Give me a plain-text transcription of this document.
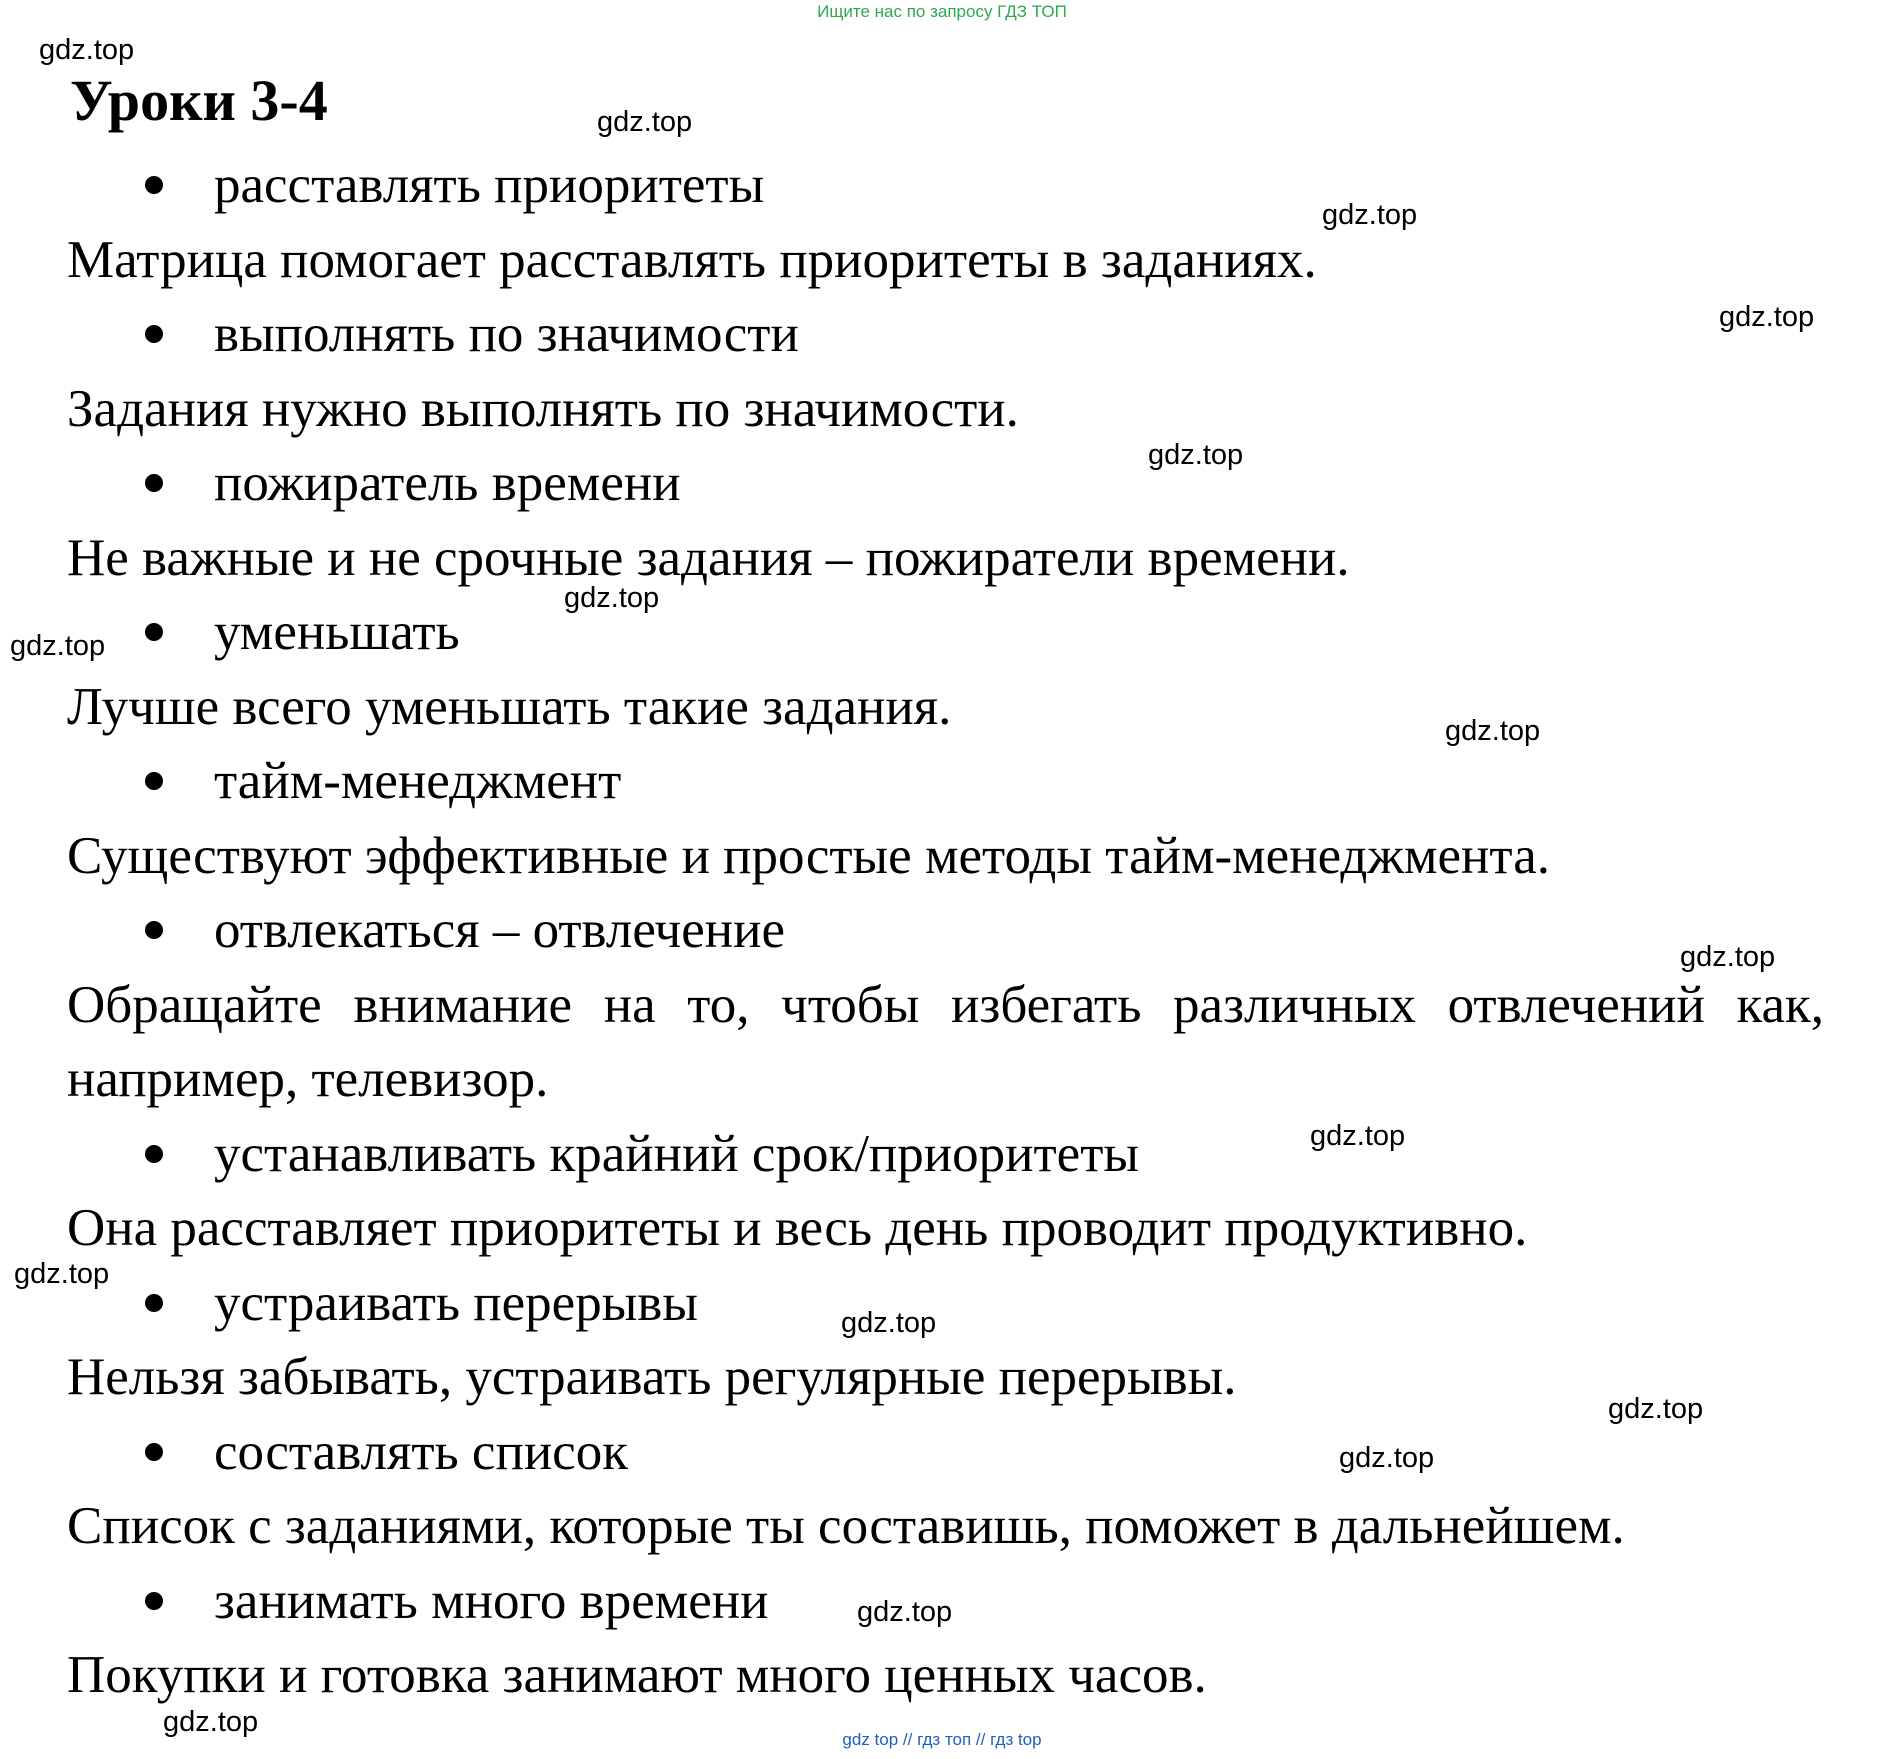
Ищите нас по запросу ГДЗ ТОП
Уроки 3-4
расставлять приоритеты
Матрица помогает расставлять приоритеты в заданиях.
выполнять по значимости
Задания нужно выполнять по значимости.
пожиратель времени
Не важные и не срочные задания – пожиратели времени.
уменьшать
Лучше всего уменьшать такие задания.
тайм-менеджмент
Существуют эффективные и простые методы тайм-менеджмента.
отвлекаться – отвлечение
Обращайте внимание на то, чтобы избегать различных отвлечений как, например, телевизор.
устанавливать крайний срок/приоритеты
Она расставляет приоритеты и весь день проводит продуктивно.
устраивать перерывы
Нельзя забывать, устраивать регулярные перерывы.
составлять список
Список с заданиями, которые ты составишь, поможет в дальнейшем.
занимать много времени
Покупки и готовка занимают много ценных часов.
gdz.top
gdz.top
gdz.top
gdz.top
gdz.top
gdz.top
gdz.top
gdz.top
gdz.top
gdz.top
gdz.top
gdz.top
gdz.top
gdz.top
gdz.top
gdz.top
gdz top // гдз топ // гдз top
